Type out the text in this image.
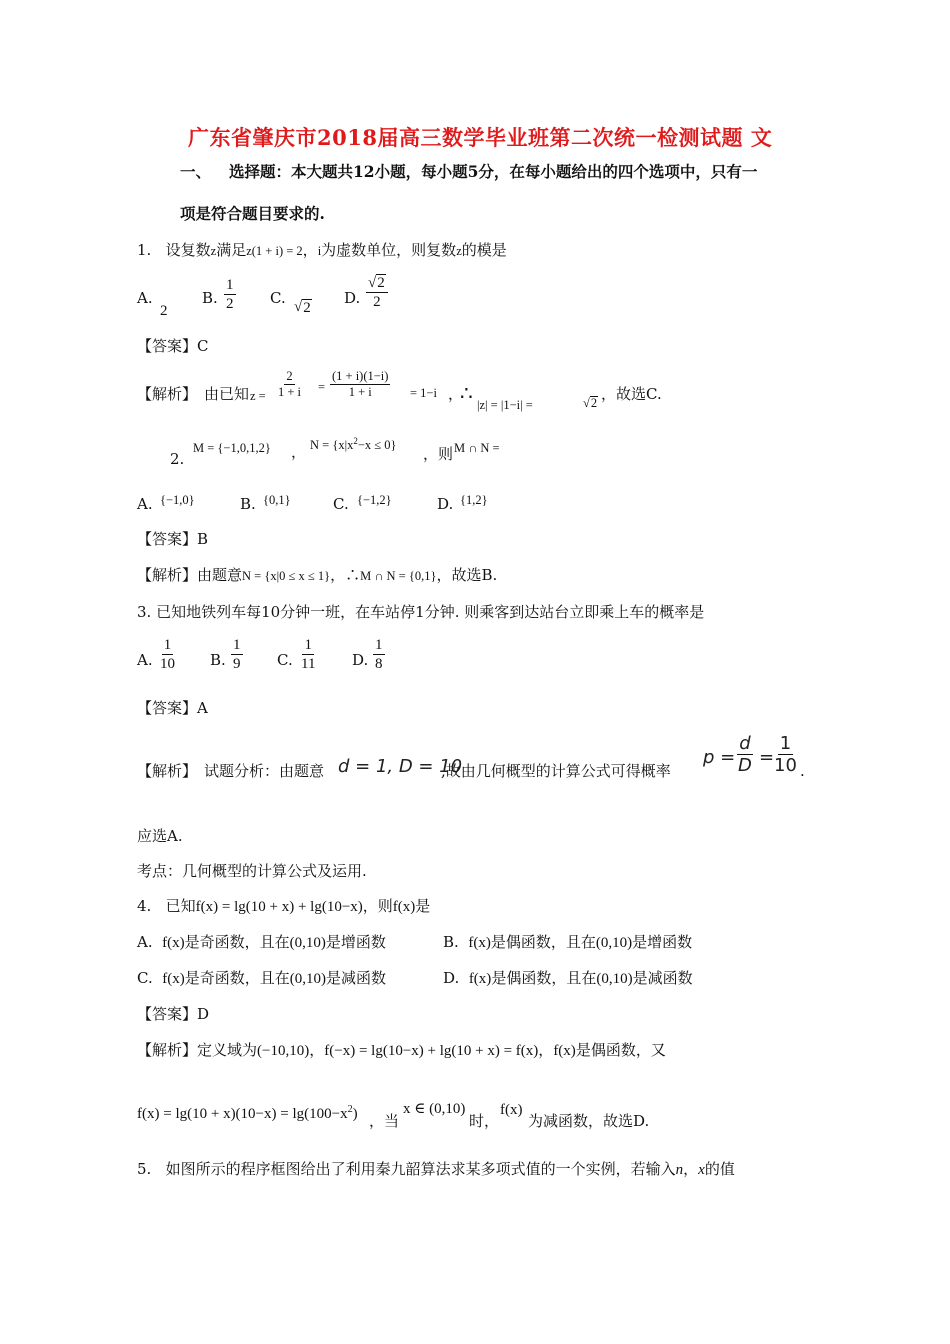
广东省肇庆市2018届高三数学毕业班第二次统一检测试题 文
一、 选择题：本大题共12小题，每小题5分，在每小题给出的四个选项中，只有一
项是符合题目要求的.
1. 设复数z满足z(1 + i) = 2，i为虚数单位，则复数z的模是
A.
2
B. $\frac{1}{2} C$.
√ 2
D. $\frac{√ 2}{2}$
【答案】C
【解析】 由已知 $z = \frac{2}{1 + i} = \frac{(1 + i)(1-i)}{1 + i} = 1-i$ ，
∴ |z| = |1−i| =	√ 2 ，故选C.
2.
M = {−1,0,1,2} ， $N = \{x|x^2-x \le 0\}$ ，则 M ∩ N =
A. {−1,0}	B. {0,1}	C. {−1,2}	D. {1,2}
【答案】B
【解析】由题意N = {x|0 ≤ x ≤ 1}，∴M ∩ N = {0,1}，故选B.
3. 已知地铁列车每10分钟一班，在车站停1分钟. 则乘客到达站台立即乘上车的概率是
A. $\frac{1}{10} B$. $\frac{1}{9} C$. $\frac{1}{11} D$. $\frac{1}{8}$
【答案】A
【解析】 试题分析：由题意 d = 1, D = 10
,故由几何概型的计算公式可得概率
$p = \frac{d}{D}$ =
$\frac{1}{10}$ .
应选A.
考点：几何概型的计算公式及运用.
4. 已知f(x) = lg(10 + x) + lg(10−x)，则f(x)是
A. f(x)是奇函数，且在(0,10)是增函数	B. f(x)是偶函数，且在(0,10)是增函数
C. f(x)是奇函数，且在(0,10)是减函数	D. f(x)是偶函数，且在(0,10)是减函数
【答案】D
【解析】定义域为(−10,10)，f(−x) = lg(10−x) + lg(10 + x) = f(x)，f(x)是偶函数，又
$f(x) = \lg(10 + x)(10-x) = \lg(100-x^2)$ ，当
x ∈ (0,10)
时，
f(x)
为减函数，故选D.
5. 如图所示的程序框图给出了利用秦九韶算法求某多项式值的一个实例，若输入n，x的值
